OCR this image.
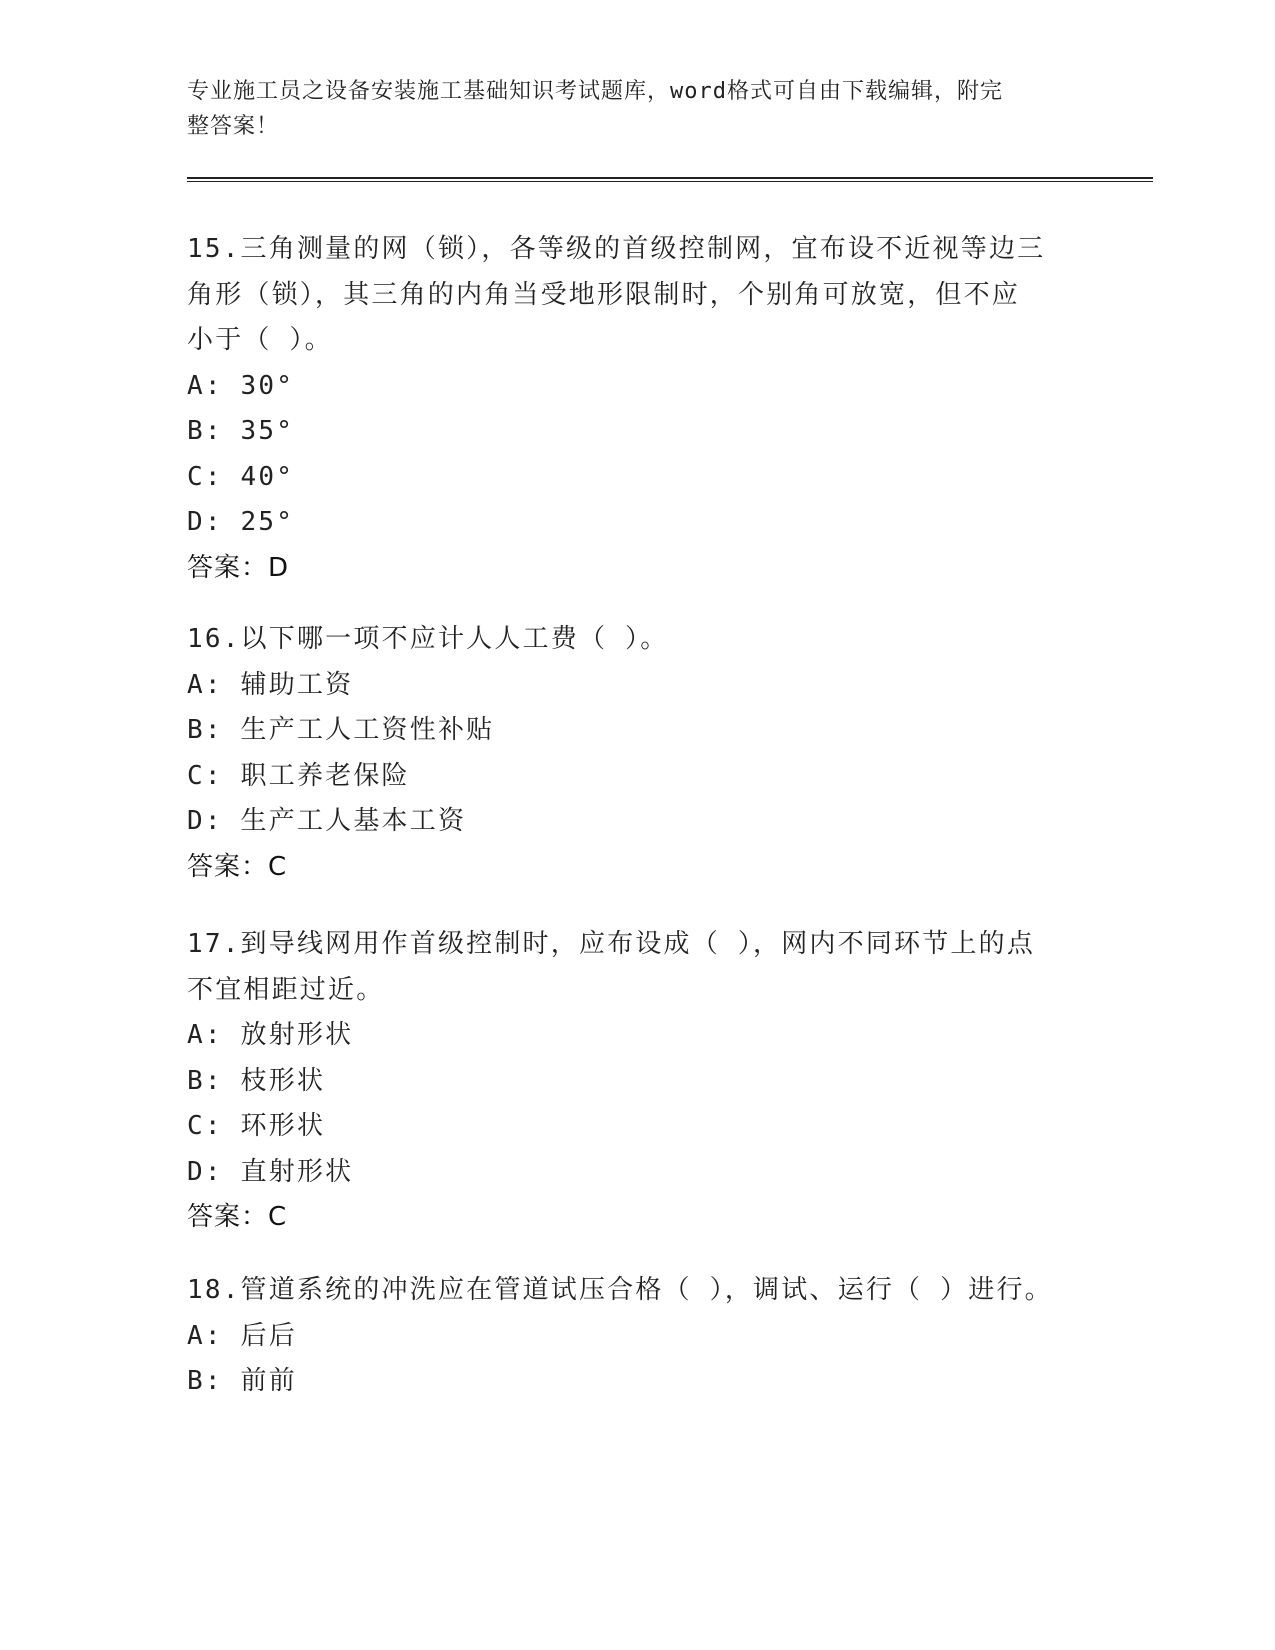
专业施工员之设备安装施工基础知识考试题库，word格式可自由下载编辑，附完
整答案！
15.三角测量的网（锁），各等级的首级控制网，宜布设不近视等边三
角形（锁），其三角的内角当受地形限制时，个别角可放宽，但不应
小于（ ）。
A: 30°
B: 35°
C: 40°
D: 25°
答案：D
16.以下哪一项不应计人人工费（ ）。
A: 辅助工资
B: 生产工人工资性补贴
C: 职工养老保险
D: 生产工人基本工资
答案：C
17.到导线网用作首级控制时，应布设成（ ），网内不同环节上的点
不宜相距过近。
A: 放射形状
B: 枝形状
C: 环形状
D: 直射形状
答案：C
18.管道系统的冲洗应在管道试压合格（ ），调试、运行（ ）进行。
A: 后后
B: 前前
